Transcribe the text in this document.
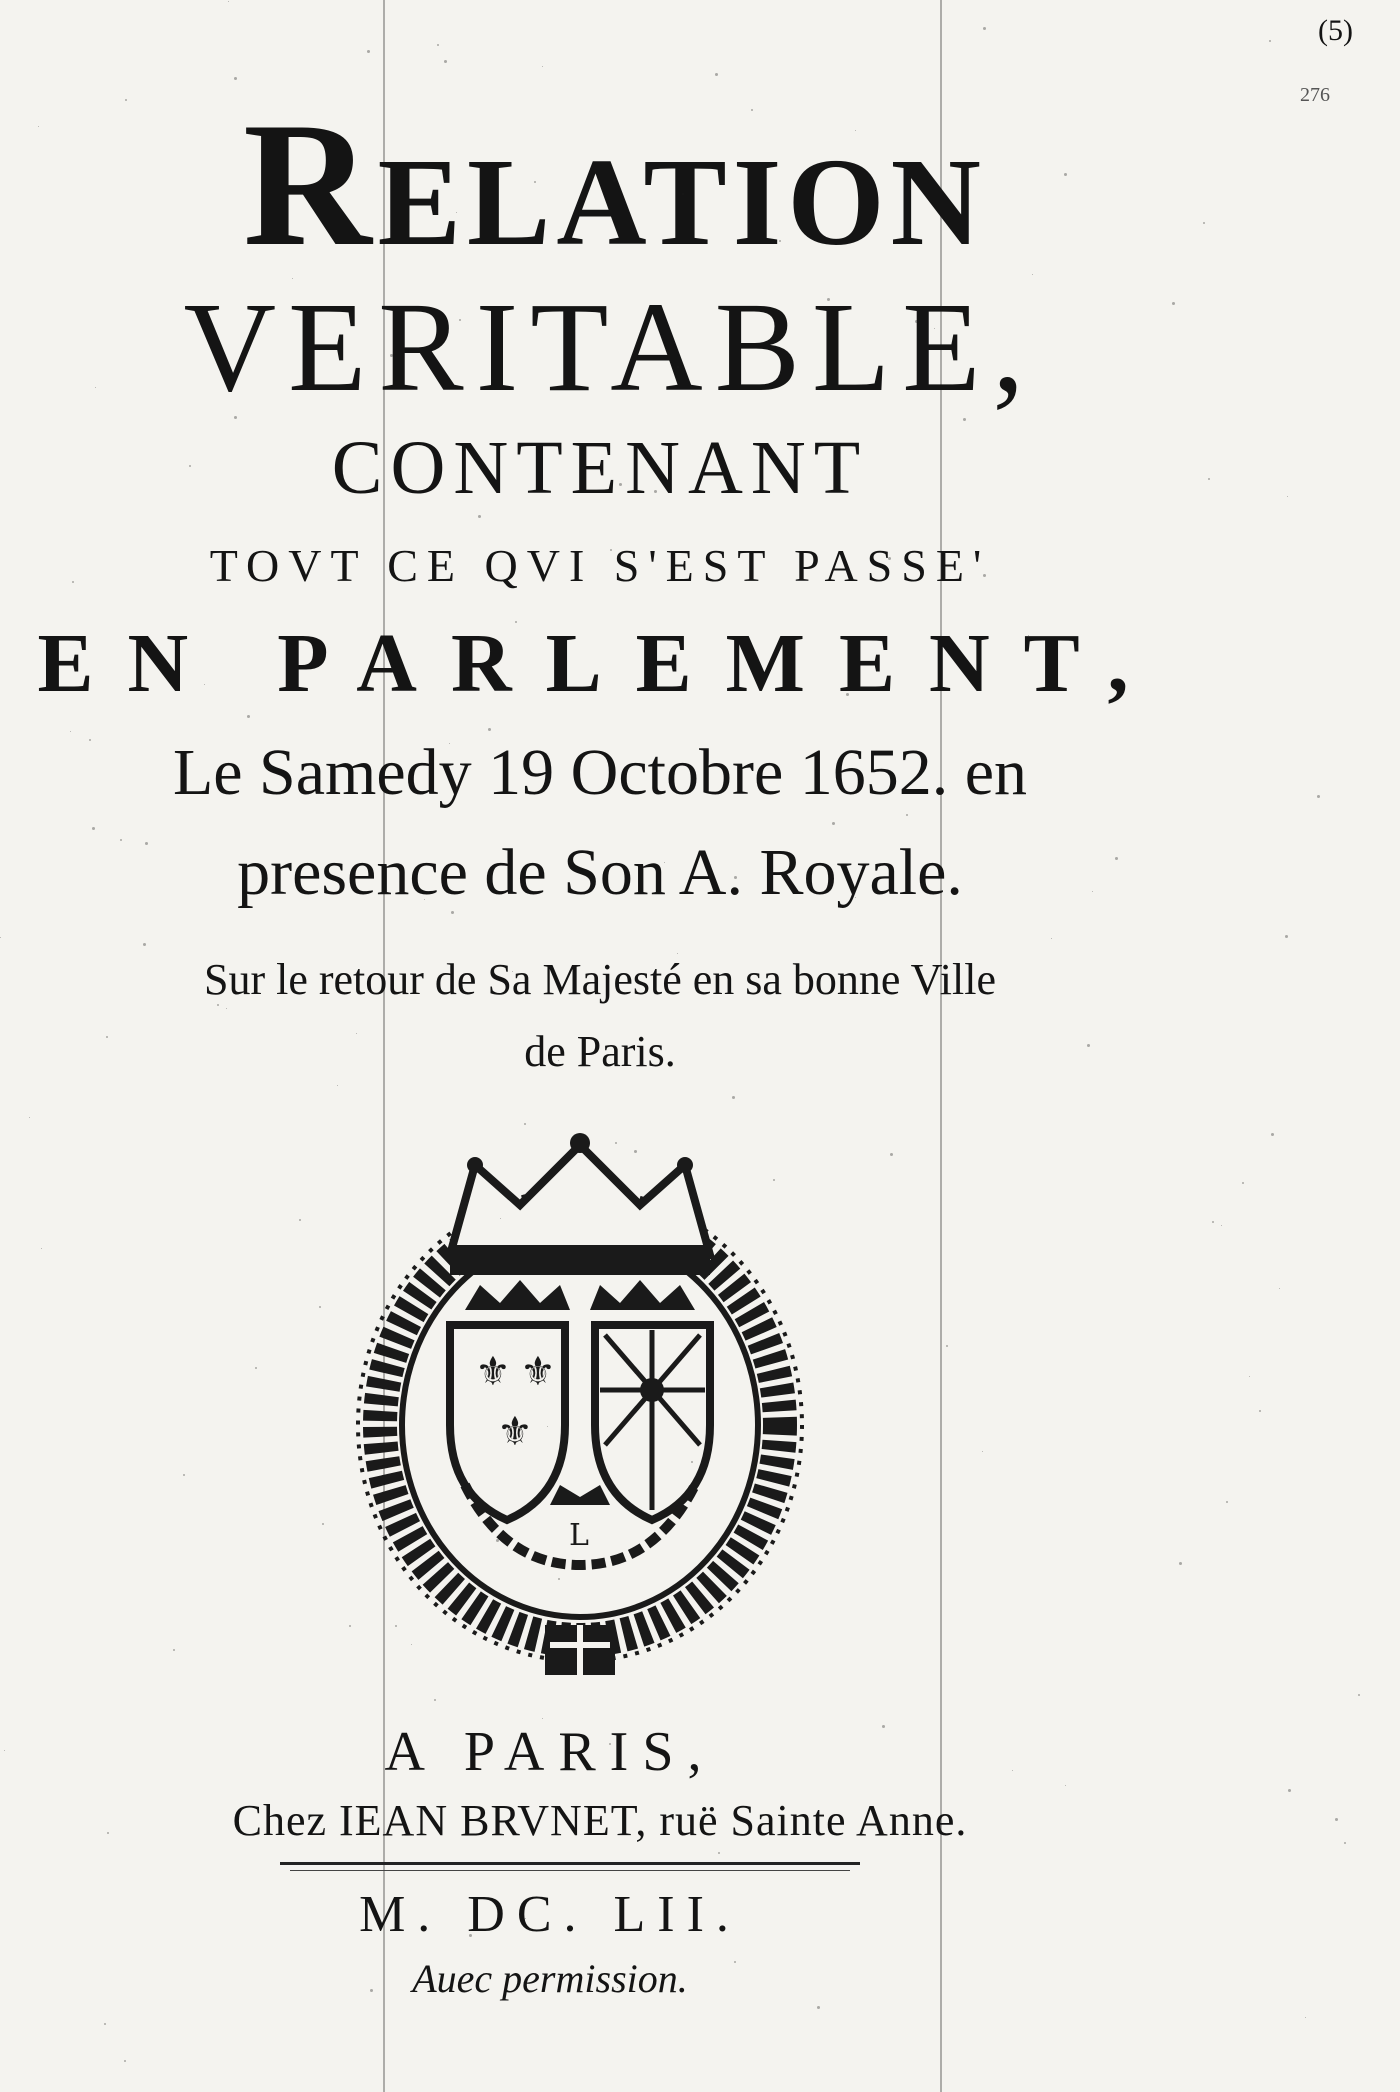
(5)
276
Relation
VERITABLE,
CONTENANT
TOVT CE QVI S'EST PASSE'
EN PARLEMENT,
Le Samedy 19 Octobre 1652. en
presence de Son A. Royale.
Sur le retour de Sa Majesté en sa bonne Ville
de Paris.
⚜ ⚜
⚜
L
A PARIS,
Chez IEAN BRVNET, ruë Sainte Anne.
M. DC. LII.
Auec permission.
